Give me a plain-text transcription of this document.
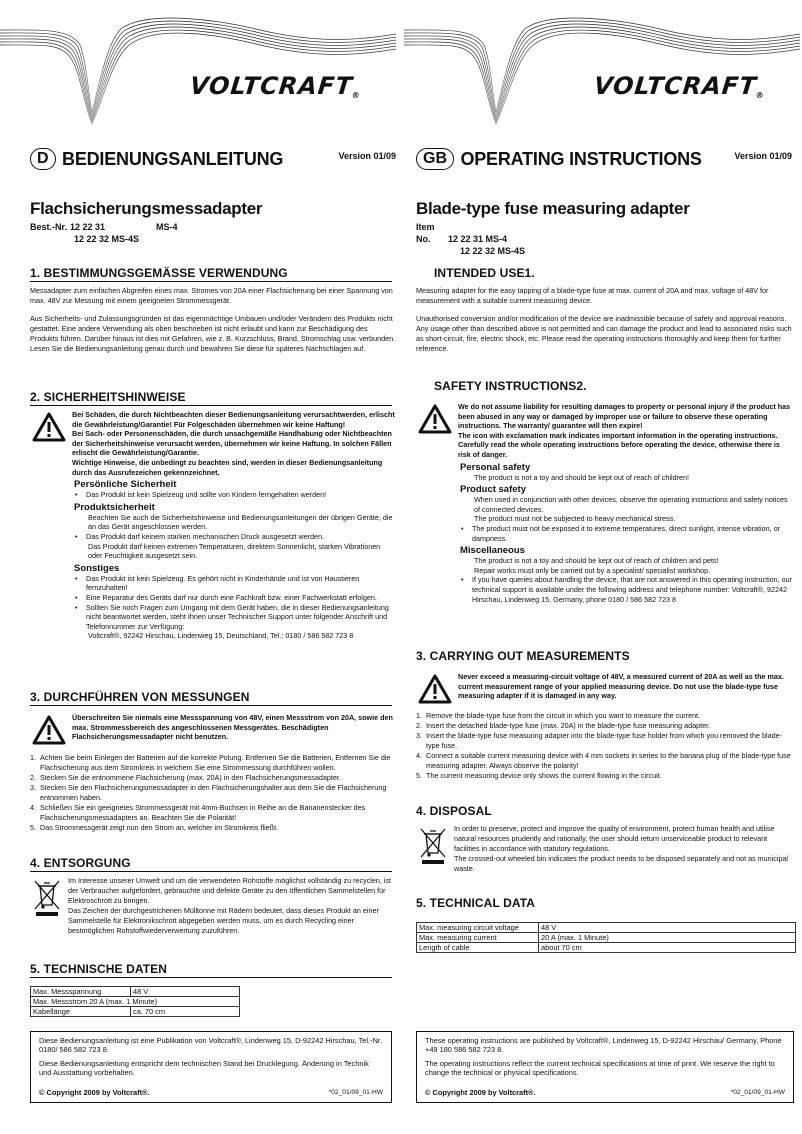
VOLTCRAFT®
D BEDIENUNGSANLEITUNG	Version 01/09
Flachsicherungsmessadapter
Best.-Nr. 12 22 31	MS-4
12 22 32 MS-4S
1. BESTIMMUNGSGEMÄSSE VERWENDUNG

Messadapter zum einfachen Abgreifen eines max. Stromes von 20A einer Flachsicherung bei einer Spannung von max. 48V zur Messung mit einem geeigneten Strommessgerät.

Aus Sicherheits- und Zulassungsgründen ist das eigenmächtige Umbauen und/oder Verändern des Produkts nicht gestattet. Eine andere Verwendung als oben beschrieben ist nicht erlaubt und kann zur Beschädigung des Produkts führen. Darüber hinaus ist dies mit Gefahren, wie z. B. Kurzschluss, Brand, Stromschlag usw. verbunden. Lesen Sie die Bedienungsanleitung genau durch und bewahren Sie diese für späteres Nachschlagen auf.

2. SICHERHEITSHINWEISE
Bei Schäden, die durch Nichtbeachten dieser Bedienungsanleitung verursachtwerden, erlischt die Gewährleistung/Garantie! Für Folgeschäden übernehmen wir keine Haftung!
Bei Sach- oder Personenschäden, die durch unsachgemäße Handhabung oder Nichtbeachten der Sicherheitshinweise verursacht werden, übernehmen wir keine Haftung. In solchen Fällen erlischt die Gewährleistung/Garantie.
Wichtige Hinweise, die unbedingt zu beachten sind, werden in dieser Bedienungsanleitung durch das Ausrufezeichen gekennzeichnet.
Persönliche Sicherheit
• Das Produkt ist kein Spielzeug und sollte von Kindern ferngehalten werden!
Produktsicherheit
Beachten Sie auch die Sicherheitshinweise und Bedienungsanleitungen der übrigen Geräte, die an das Gerät angeschlossen werden.
• Das Produkt darf keinem starken mechanischen Druck ausgesetzt werden.
Das Produkt darf keinen extremen Temperaturen, direktem Sonnenlicht, starken Vibrationen oder Feuchtigkeit ausgesetzt sein.
Sonstiges
• Das Produkt ist kein Spielzeug. Es gehört nicht in Kinderhände und ist von Haustieren fernzuhalten!
• Eine Reparatur des Geräts darf nur durch eine Fachkraft bzw. einer Fachwerkstatt erfolgen.
• Sollten Sie noch Fragen zum Umgang mit dem Gerät haben, die in dieser Bedienungsanleitung nicht beantwortet werden, steht Ihnen unser Technischer Support unter folgender Anschrift und Telefonnummer zur Verfügung:
Voltcraft®, 92242 Hirschau, Lindenweg 15, Deutschland, Tel.: 0180 / 586 582 723 8
3. DURCHFÜHREN VON MESSUNGEN
Überschreiten Sie niemals eine Messspannung von 48V, einen Messstrom von 20A, sowie den max. Strommessbereich des angeschlossenen Messgerätes. Beschädigten Flachsicherungsmessadapter nicht benutzen.
1. Achten Sie beim Einlegen der Batterien auf die korrekte Polung. Entfernen Sie die Batterien, Entfernen Sie die Flachsicherung aus dem Stromkreis in welchem Sie eine Strommessung durchführen wollen.
2. Stecken Sie die entnommene Flachsicherung (max. 20A) in den Flachsicherungsmessadapter.
3. Stecken Sie den Flachsicherungsmessadapter in den Flachsicherungshalter aus dem Sie die Flachsicherung entnommen haben.
4. Schließen Sie ein geeignetes Strommessgerät mit 4mm-Buchsen in Reihe an die Bananenstecker des Flachsicherungsmessadapters an. Beachten Sie die Polarität!
5. Das Strommessgerät zeigt nun den Strom an, welcher im Stromkreis fließt.
4. ENTSORGUNG
Im Interesse unserer Umwelt und um die verwendeten Rohstoffe möglichst vollständig zu recyclen, ist der Verbraucher aufgefordert, gebrauchte und defekte Geräte zu den öffentlichen Sammelstellen für Elektroschrott zu bringen.
Das Zeichen der durchgestrichenen Mülltonne mit Rädern bedeutet, dass dieses Produkt an einer Sammelstelle für Elektronikschrott abgegeben werden muss, um es durch Recycling einer bestmöglichen Rohstoffwiederverwertung zuzuführen.
5. TECHNISCHE DATEN
Max. Messspannung	48 V
Max. Messstrom 20 A (max. 1 Minute)	
Kabellänge	ca. 70 cm

Diese Bedienungsanleitung ist eine Publikation von Voltcraft®, Lindenweg 15, D-92242 Hirschau, Tel.-Nr. 0180/ 586 582 723 8.

Diese Bedienungsanleitung entspricht dem technischen Stand bei Drucklegung. Änderung in Technik und Ausstattung vorbehalten.

© Copyright 2009 by Voltcraft®.	*02_01/09_01-HW
VOLTCRAFT®
GB OPERATING INSTRUCTIONS	Version 01/09
Blade-type fuse measuring adapter
Item No. 12 22 31 MS-4
12 22 32 MS-4S
INTENDED USE1.

Measuring adapter for the easy tapping of a blade-type fuse at max. current of 20A and max. voltage of 48V for measurement with a suitable current measuring device.

Unauthorised conversion and/or modification of the device are inadmissible because of safety and approval reasons. Any usage other than described above is not permitted and can damage the product and lead to associated risks such as short-circuit, fire, electric shock, etc. Please read the operating instructions thoroughly and keep them for further reference.

SAFETY INSTRUCTIONS2.
We do not assume liability for resulting damages to property or personal injury if the product has been abused in any way or damaged by improper use or failure to observe these operating instructions. The warranty/ guarantee will then expire!
The icon with exclamation mark indicates important information in the operating instructions. Carefully read the whole operating instructions before operating the device, otherwise there is risk of danger.
Personal safety
The product is not a toy and should be kept out of reach of children!
Product safety
When used in conjunction with other devices, observe the operating instructions and safety notices of connected devices.
The product must not be subjected to heavy mechanical stress.
• The product must not be exposed it to extreme temperatures, direct sunlight, intense vibration, or dampness.
Miscellaneous
The product is not a toy and should be kept out of reach of children and pets!
Repair works must only be carried out by a specialist/ specialist workshop.
• If you have queries about handling the device, that are not answered in this operating instruction, our technical support is available under the following address and telephone number: Voltcraft®, 92242 Hirschau, Lindenweg 15, Germany, phone 0180 / 586 582 723 8
3. CARRYING OUT MEASUREMENTS
Never exceed a measuring-circuit voltage of 48V, a measured current of 20A as well as the max. current measurement range of your applied measuring device. Do not use the blade-type fuse measuring adapter if it is damaged in any way.
1. Remove the blade-type fuse from the circuit in which you want to measure the current.
2. Insert the detached blade-type fuse (max. 20A) in the blade-type fuse measuring adapter.
3. Insert the blade-type fuse measuring adapter into the blade-type fuse holder from which you removed the blade-type fuse.
4. Connect a suitable current measuring device with 4 mm sockets in series to the banana plug of the blade-type fuse measuring adapter. Always observe the polarity!
5. The current measuring device only shows the current flowing in the circuit.
4. DISPOSAL
In order to preserve, protect and improve the quality of environment, protect human health and utilise natural resources prudently and rationally, the user should return unserviceable product to relevant facilities in accordance with statutory regulations.
The crossed-out wheeled bin indicates the product needs to be disposed separately and not as municipal waste.
5. TECHNICAL DATA
Max. measuring circuit voltage	48 V
Max. measuring current	20 A (max. 1 Minute)
Length of cable	about 70 cm

These operating instructions are published by Voltcraft®, Lindenweg 15, D-92242 Hirschau/ Germany, Phone +49 180 586 582 723 8.

The operating instructions reflect the current technical specifications at time of print. We reserve the right to change the technical or physical specifications.

© Copyright 2009 by Voltcraft®.	*02_01/09_01-HW
